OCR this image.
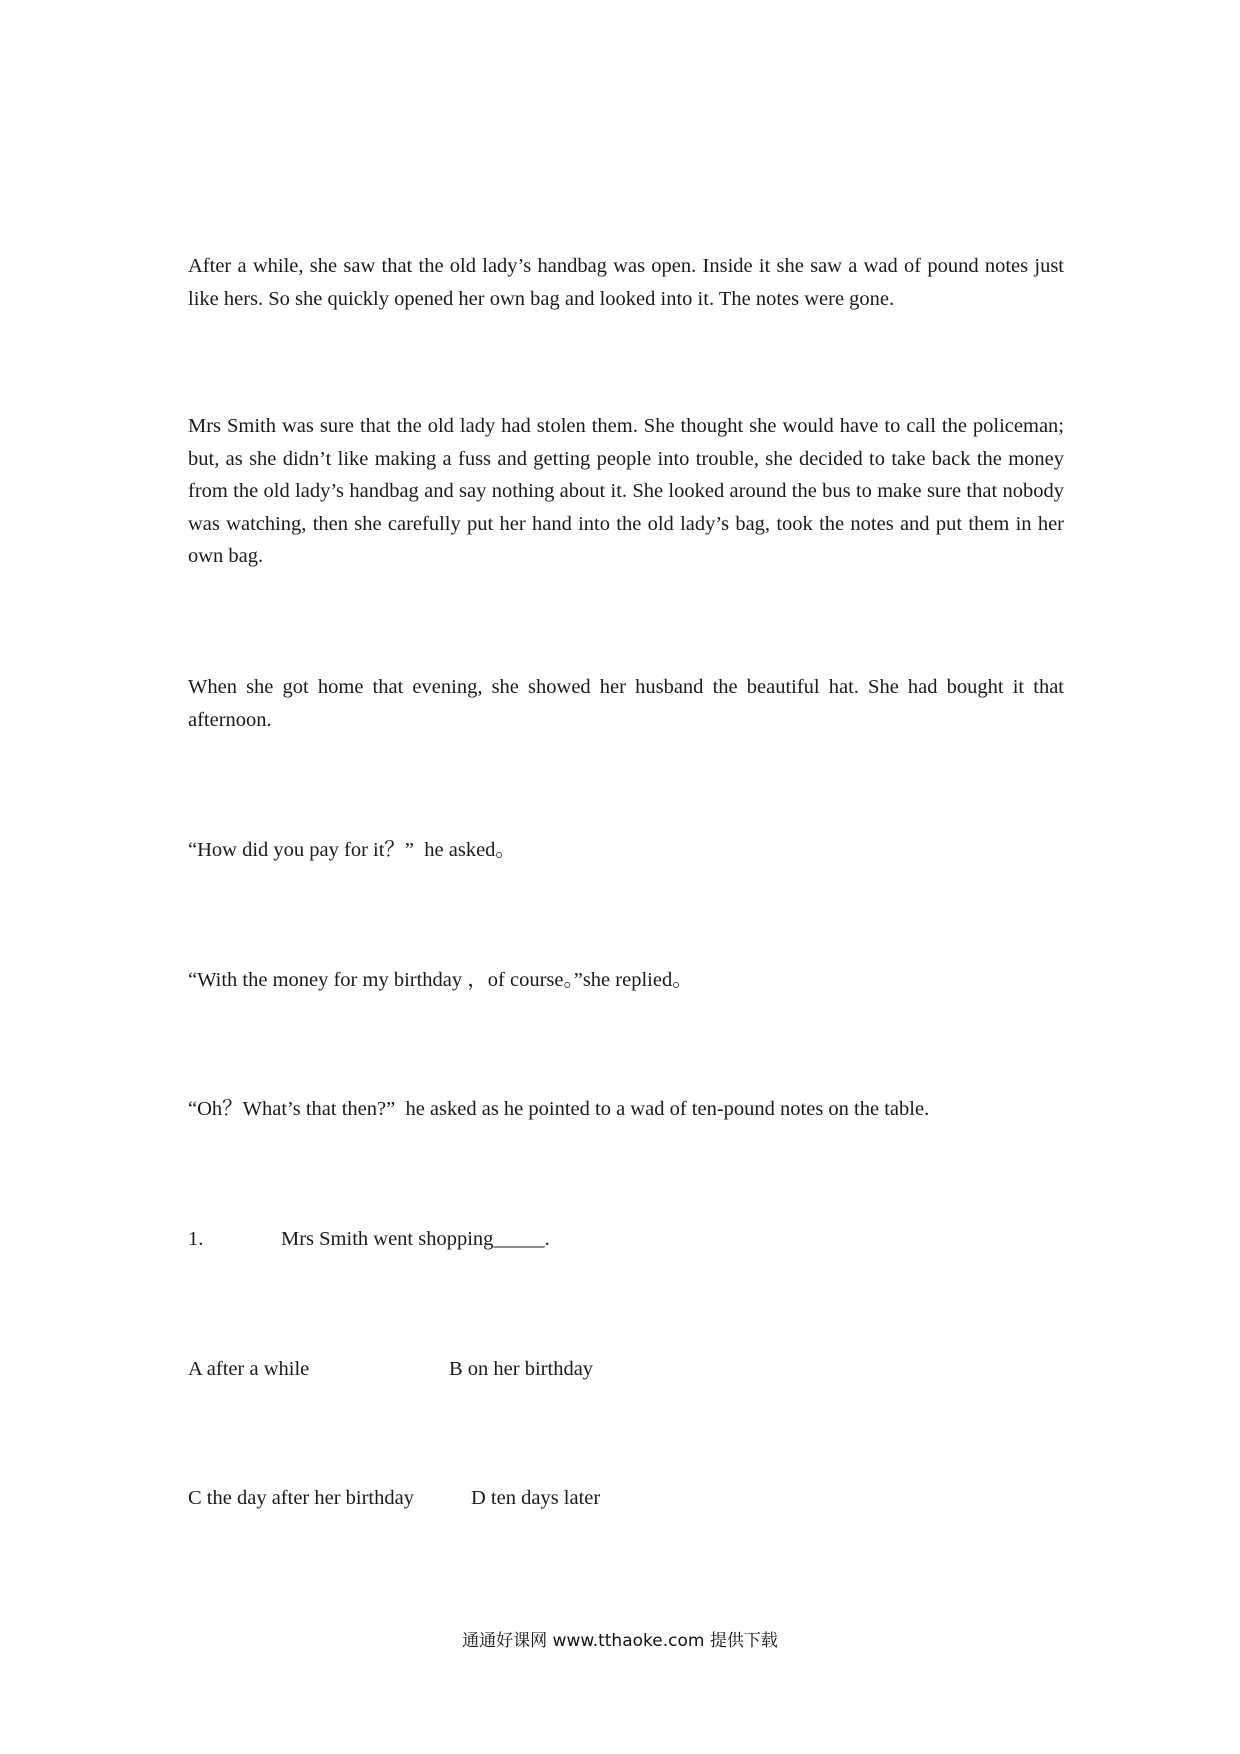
After a while, she saw that the old lady’s handbag was open. Inside it she saw a wad of pound notes just like hers. So she quickly opened her own bag and looked into it. The notes were gone.

Mrs Smith was sure that the old lady had stolen them. She thought she would have to call the policeman; but, as she didn’t like making a fuss and getting people into trouble, she decided to take back the money from the old lady’s handbag and say nothing about it. She looked around the bus to make sure that nobody was watching, then she carefully put her hand into the old lady’s bag, took the notes and put them in her own bag.

When she got home that evening, she showed her husband the beautiful hat. She had bought it that afternoon.

“How did you pay for it？”  he asked。

“With the money for my birthday ，of course。”she replied。

“Oh？What’s that then?”  he asked as he pointed to a wad of ten-pound notes on the table.

1.	Mrs Smith went shopping_____.
A after a while	B on her birthday
C the day after her birthday	D ten days later
通通好课网 www.tthaoke.com 提供下载
